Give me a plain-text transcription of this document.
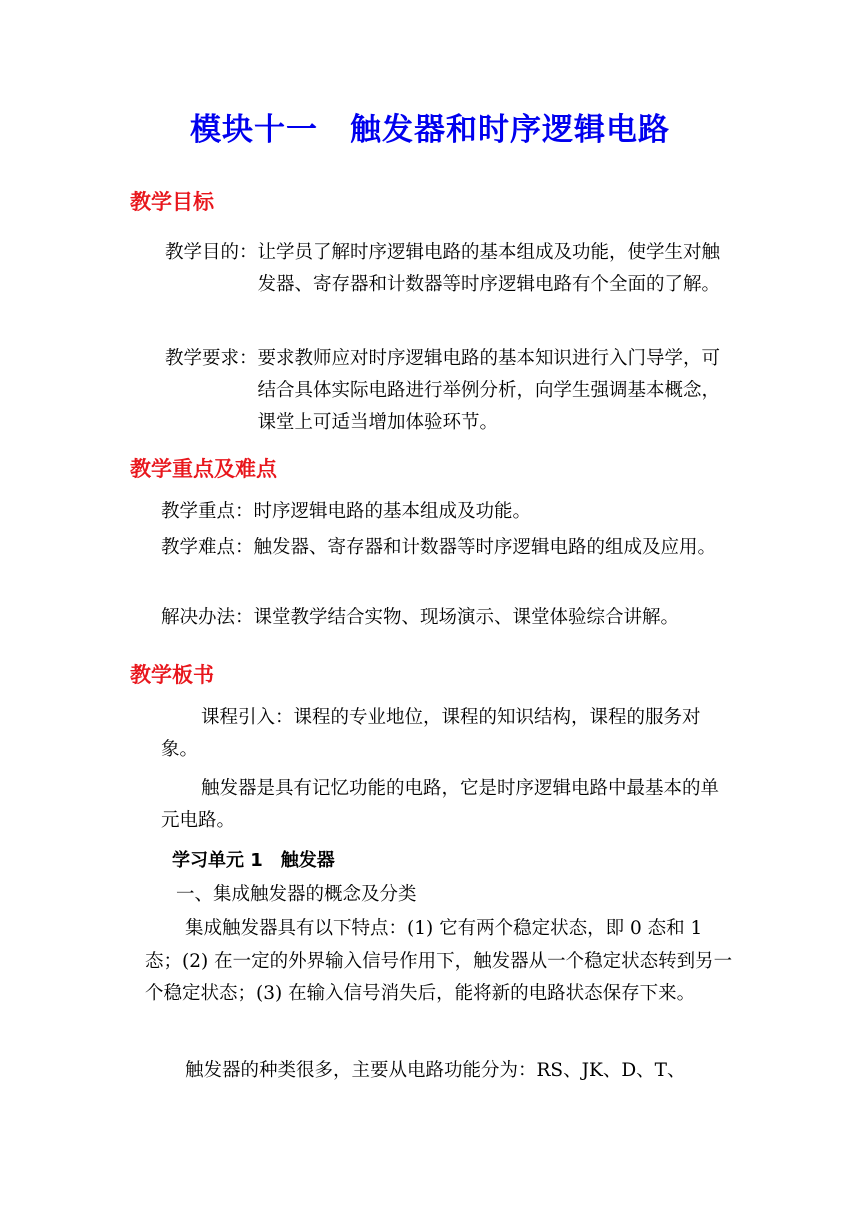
模块十一　触发器和时序逻辑电路
教学目标
教学目的： 让学员了解时序逻辑电路的基本组成及功能，使学生对触发器、寄存器和计数器等时序逻辑电路有个全面的了解。
教学要求： 要求教师应对时序逻辑电路的基本知识进行入门导学，可结合具体实际电路进行举例分析，向学生强调基本概念，课堂上可适当增加体验环节。
教学重点及难点
教学重点： 时序逻辑电路的基本组成及功能。
教学难点： 触发器、寄存器和计数器等时序逻辑电路的组成及应用。
解决办法： 课堂教学结合实物、现场演示、课堂体验综合讲解。
教学板书
课程引入：课程的专业地位，课程的知识结构，课程的服务对象。
触发器是具有记忆功能的电路，它是时序逻辑电路中最基本的单元电路。
学习单元 1　触发器
一、集成触发器的概念及分类
集成触发器具有以下特点：(1) 它有两个稳定状态，即 0 态和 1 态；(2) 在一定的外界输入信号作用下，触发器从一个稳定状态转到另一个稳定状态；(3) 在输入信号消失后，能将新的电路状态保存下来。
触发器的种类很多，主要从电路功能分为：RS、JK、D、T、
